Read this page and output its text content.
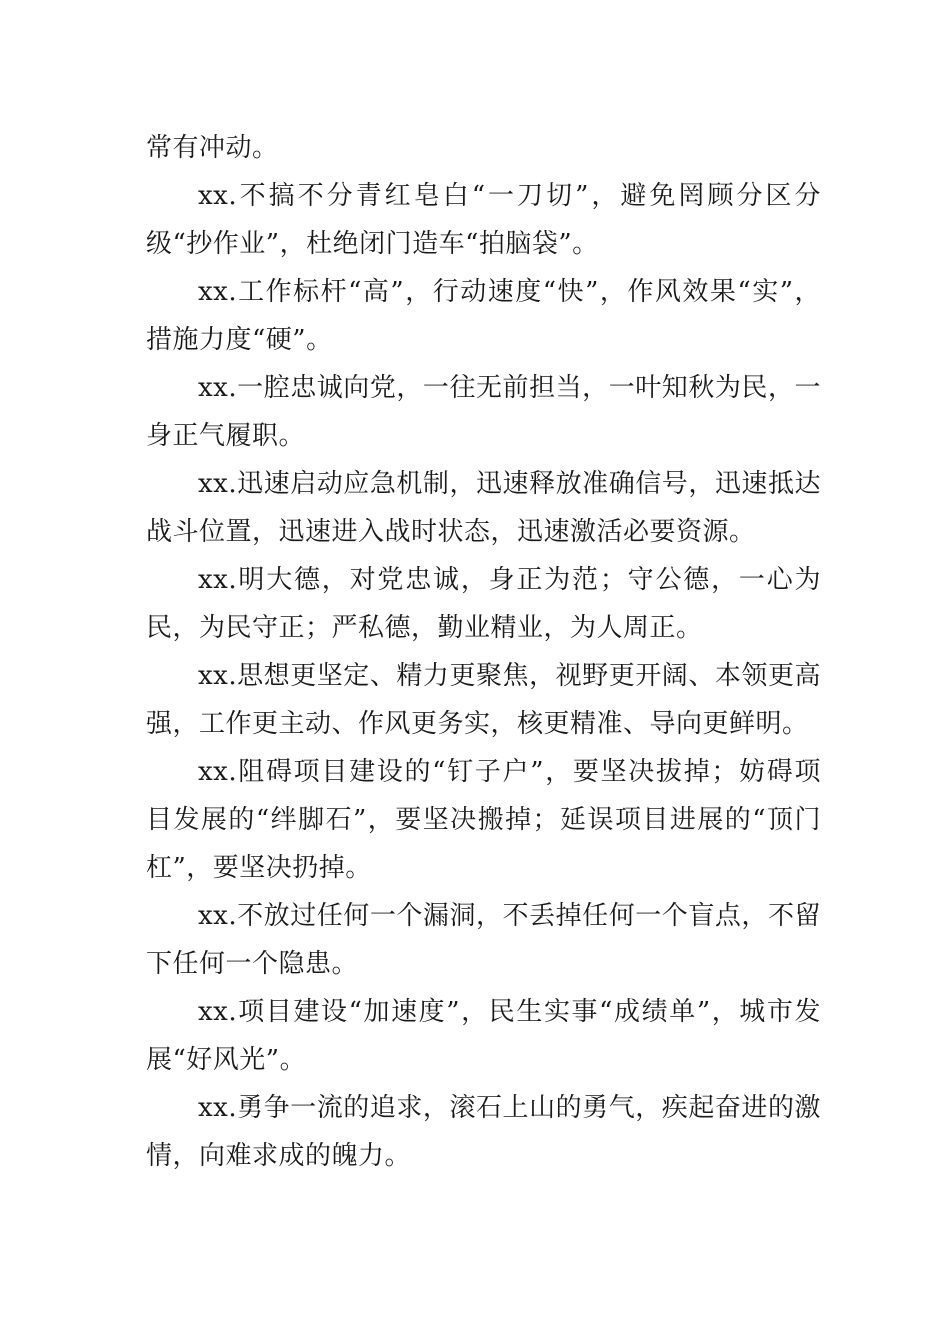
常有冲动。

xx.不搞不分青红皂白“一刀切”，避免罔顾分区分级“抄作业”，杜绝闭门造车“拍脑袋”。

xx.工作标杆“高”，行动速度“快”，作风效果“实”，措施力度“硬”。

xx.一腔忠诚向党，一往无前担当，一叶知秋为民，一身正气履职。

xx.迅速启动应急机制，迅速释放准确信号，迅速抵达战斗位置，迅速进入战时状态，迅速激活必要资源。

xx.明大德，对党忠诚，身正为范；守公德，一心为民，为民守正；严私德，勤业精业，为人周正。

xx.思想更坚定、精力更聚焦，视野更开阔、本领更高强，工作更主动、作风更务实，核更精准、导向更鲜明。

xx.阻碍项目建设的“钉子户”，要坚决拔掉；妨碍项目发展的“绊脚石”，要坚决搬掉；延误项目进展的“顶门杠”，要坚决扔掉。

xx.不放过任何一个漏洞，不丢掉任何一个盲点，不留下任何一个隐患。

xx.项目建设“加速度”，民生实事“成绩单”，城市发展“好风光”。

xx.勇争一流的追求，滚石上山的勇气，疾起奋进的激情，向难求成的魄力。
